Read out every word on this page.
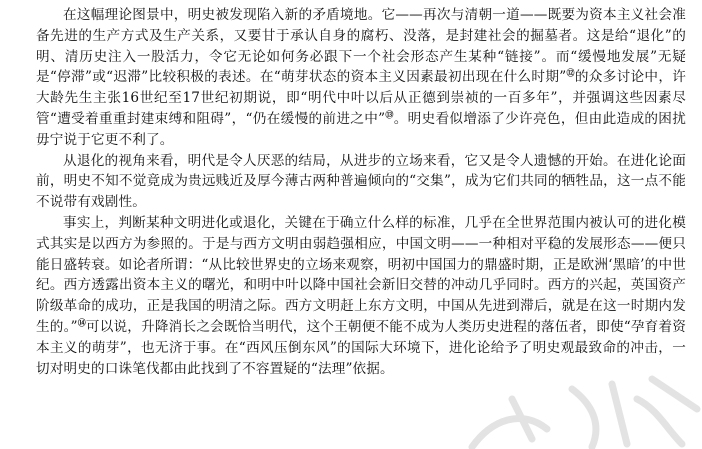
在这幅理论图景中，明史被发现陷入新的矛盾境地。它——再次与清朝一道——既要为资本主义社会准备先进的生产方式及生产关系，又要甘于承认自身的腐朽、没落，是封建社会的掘墓者。这是给“退化”的明、清历史注入一股活力，令它无论如何务必跟下一个社会形态产生某种“链接”。而“缓慢地发展”无疑是“停滞”或“迟滞”比较积极的表述。在“萌芽状态的资本主义因素最初出现在什么时期”⑫的众多讨论中，许大龄先生主张16世纪至17世纪初期说，即“明代中叶以后从正德到崇祯的一百多年”，并强调这些因素尽管“遭受着重重封建束缚和阻碍”，“仍在缓慢的前进之中”⑬。明史看似增添了少许亮色，但由此造成的困扰毋宁说于它更不利了。

从退化的视角来看，明代是令人厌恶的结局，从进步的立场来看，它又是令人遗憾的开始。在进化论面前，明史不知不觉竟成为贵远贱近及厚今薄古两种普遍倾向的“交集”，成为它们共同的牺牲品，这一点不能不说带有戏剧性。

事实上，判断某种文明进化或退化，关键在于确立什么样的标准，几乎在全世界范围内被认可的进化模式其实是以西方为参照的。于是与西方文明由弱趋强相应，中国文明——一种相对平稳的发展形态——便只能日盛转衰。如论者所谓：“从比较世界史的立场来观察，明初中国国力的鼎盛时期，正是欧洲‘黑暗’的中世纪。西方透露出资本主义的曙光，和明中叶以降中国社会新旧交替的冲动几乎同时。西方的兴起，英国资产阶级革命的成功，正是我国的明清之际。西方文明赶上东方文明，中国从先进到滞后，就是在这一时期内发生的。”⑭可以说，升降消长之会既恰当明代，这个王朝便不能不成为人类历史进程的落伍者，即使“孕育着资本主义的萌芽”，也无济于事。在“西风压倒东风”的国际大环境下，进化论给予了明史观最致命的冲击，一切对明史的口诛笔伐都由此找到了不容置疑的“法理”依据。
